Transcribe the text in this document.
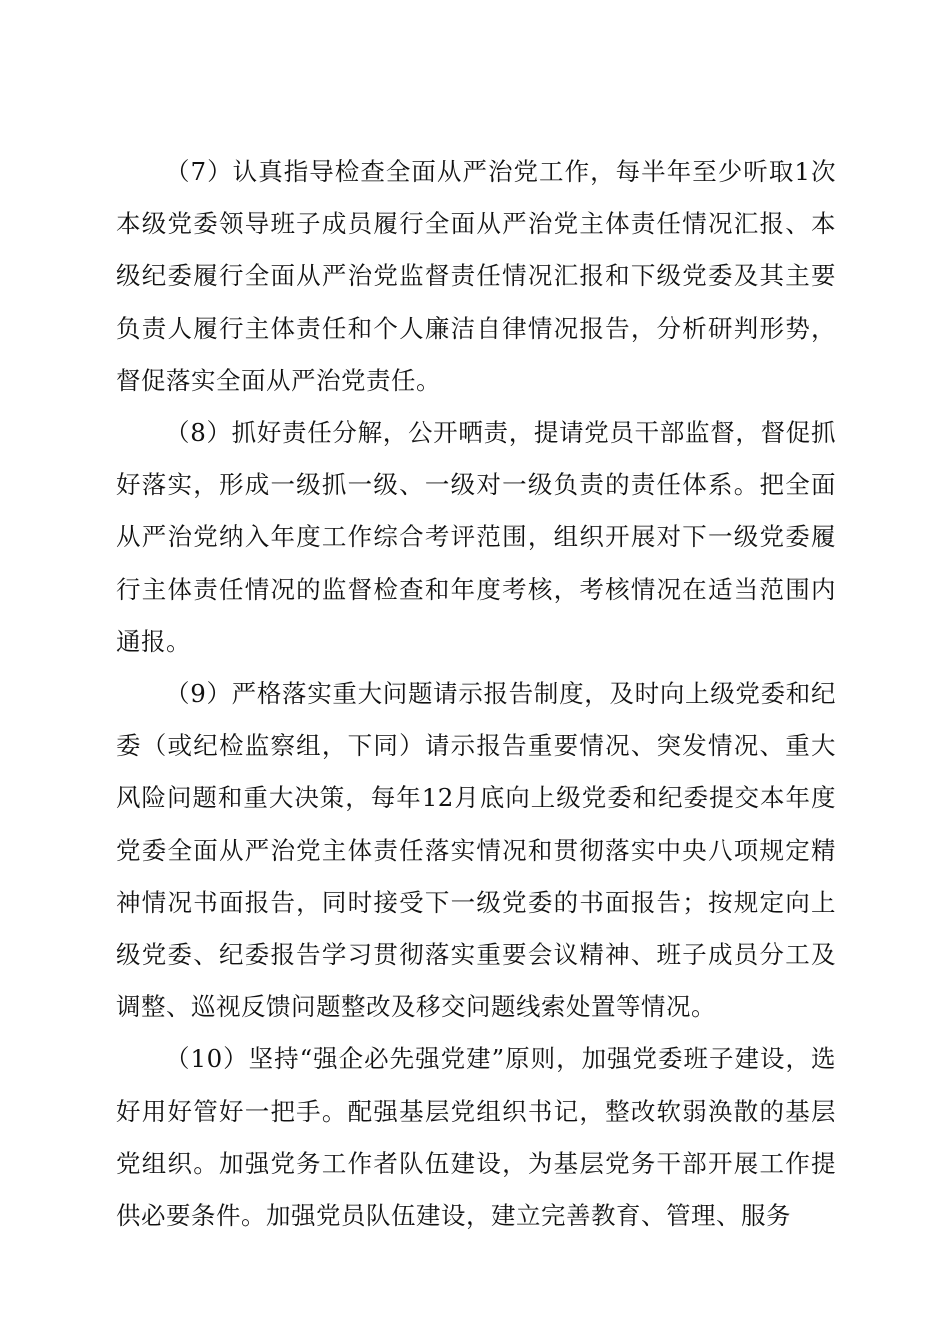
（7）认真指导检查全面从严治党工作，每半年至少听取1次本级党委领导班子成员履行全面从严治党主体责任情况汇报、本级纪委履行全面从严治党监督责任情况汇报和下级党委及其主要负责人履行主体责任和个人廉洁自律情况报告，分析研判形势，督促落实全面从严治党责任。

（8）抓好责任分解，公开晒责，提请党员干部监督，督促抓好落实，形成一级抓一级、一级对一级负责的责任体系。把全面从严治党纳入年度工作综合考评范围，组织开展对下一级党委履行主体责任情况的监督检查和年度考核，考核情况在适当范围内通报。

（9）严格落实重大问题请示报告制度，及时向上级党委和纪委（或纪检监察组，下同）请示报告重要情况、突发情况、重大风险问题和重大决策，每年12月底向上级党委和纪委提交本年度党委全面从严治党主体责任落实情况和贯彻落实中央八项规定精神情况书面报告，同时接受下一级党委的书面报告；按规定向上级党委、纪委报告学习贯彻落实重要会议精神、班子成员分工及调整、巡视反馈问题整改及移交问题线索处置等情况。

（10）坚持“强企必先强党建”原则，加强党委班子建设，选好用好管好一把手。配强基层党组织书记，整改软弱涣散的基层党组织。加强党务工作者队伍建设，为基层党务干部开展工作提供必要条件。加强党员队伍建设，建立完善教育、管理、服务
